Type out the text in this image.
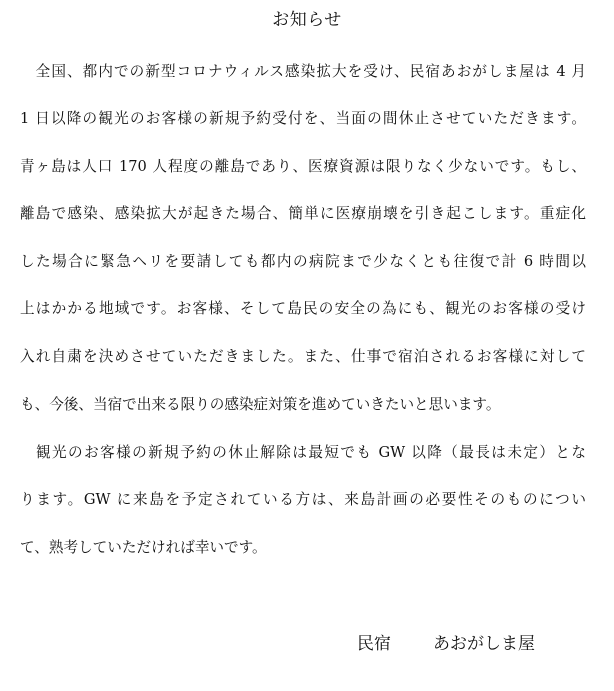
お知らせ
　全国、都内での新型コロナウィルス感染拡大を受け、民宿あおがしま屋は 4 月
1 日以降の観光のお客様の新規予約受付を、当面の間休止させていただきます。
青ヶ島は人口 170 人程度の離島であり、医療資源は限りなく少ないです。もし、
離島で感染、感染拡大が起きた場合、簡単に医療崩壊を引き起こします。重症化
した場合に緊急ヘリを要請しても都内の病院まで少なくとも往復で計 6 時間以
上はかかる地域です。お客様、そして島民の安全の為にも、観光のお客様の受け
入れ自粛を決めさせていただきました。また、仕事で宿泊されるお客様に対して
も、今後、当宿で出来る限りの感染症対策を進めていきたいと思います。
　観光のお客様の新規予約の休止解除は最短でも GW 以降（最長は未定）とな
ります。GW に来島を予定されている方は、来島計画の必要性そのものについ
て、熟考していただければ幸いです。
民宿 あおがしま屋
